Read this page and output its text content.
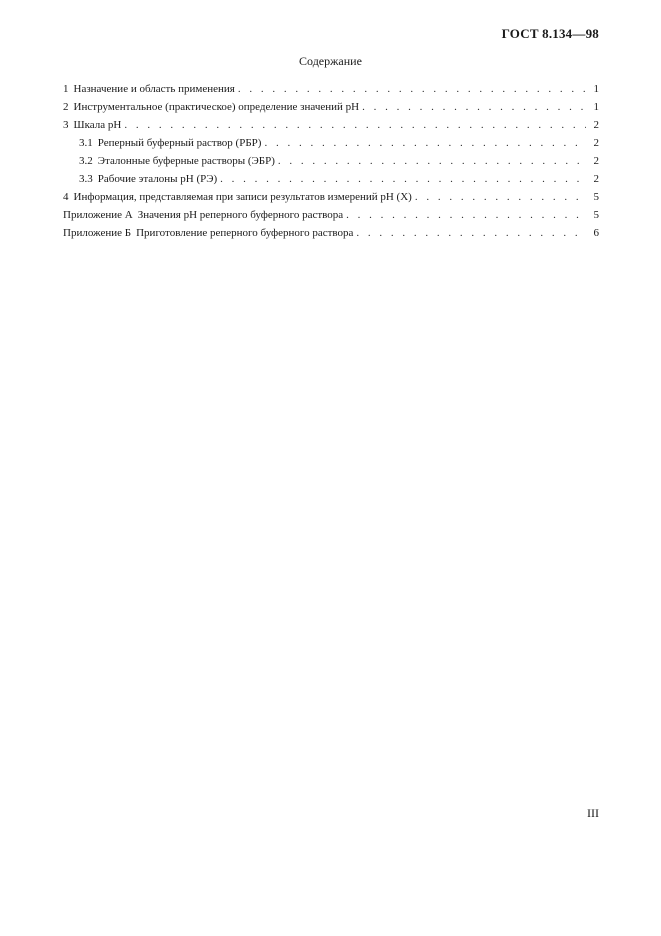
ГОСТ 8.134—98
Содержание
1 Назначение и область применения . . .	1
2 Инструментальное (практическое) определение значений pH . . .	1
3 Шкала pH . . .	2
3.1 Реперный буферный раствор (РБР) . . .	2
3.2 Эталонные буферные растворы (ЭБР) . . .	2
3.3 Рабочие эталоны pH (РЭ) . . .	2
4 Информация, представляемая при записи результатов измерений pH (X) . . .	5
Приложение А Значения pH реперного буферного раствора . . .	5
Приложение Б Приготовление реперного буферного раствора . . .	6
III
